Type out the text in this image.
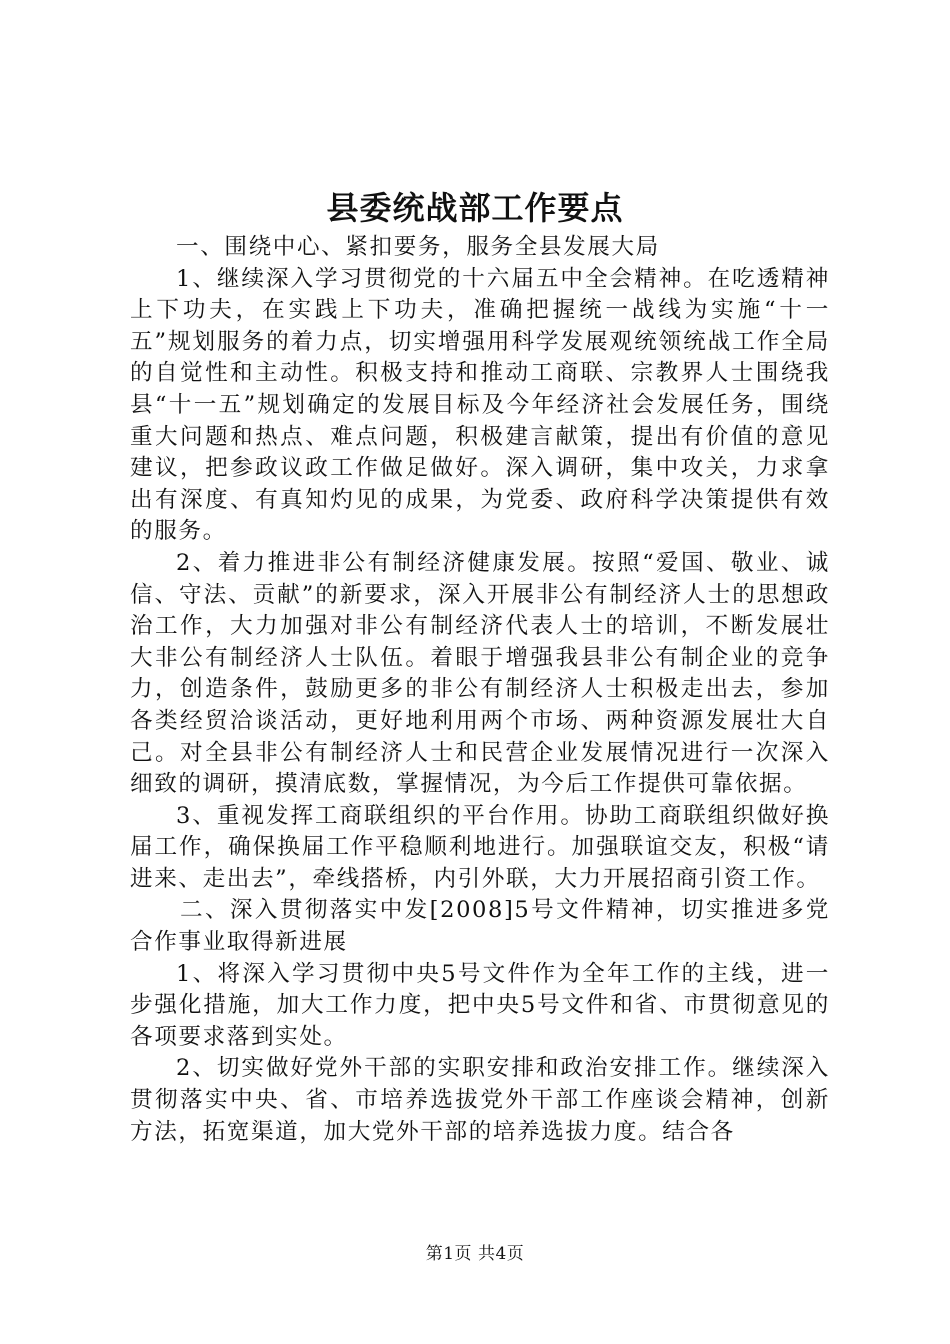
县委统战部工作要点

一、围绕中心、紧扣要务，服务全县发展大局

1、继续深入学习贯彻党的十六届五中全会精神。在吃透精神上下功夫，在实践上下功夫，准确把握统一战线为实施“十一五”规划服务的着力点，切实增强用科学发展观统领统战工作全局的自觉性和主动性。积极支持和推动工商联、宗教界人士围绕我县“十一五”规划确定的发展目标及今年经济社会发展任务，围绕重大问题和热点、难点问题，积极建言献策，提出有价值的意见建议，把参政议政工作做足做好。深入调研，集中攻关，力求拿出有深度、有真知灼见的成果，为党委、政府科学决策提供有效的服务。

2、着力推进非公有制经济健康发展。按照“爱国、敬业、诚信、守法、贡献”的新要求，深入开展非公有制经济人士的思想政治工作，大力加强对非公有制经济代表人士的培训，不断发展壮大非公有制经济人士队伍。着眼于增强我县非公有制企业的竞争力，创造条件，鼓励更多的非公有制经济人士积极走出去，参加各类经贸洽谈活动，更好地利用两个市场、两种资源发展壮大自己。对全县非公有制经济人士和民营企业发展情况进行一次深入细致的调研，摸清底数，掌握情况，为今后工作提供可靠依据。

3、重视发挥工商联组织的平台作用。协助工商联组织做好换届工作，确保换届工作平稳顺利地进行。加强联谊交友，积极“请进来、走出去”，牵线搭桥，内引外联，大力开展招商引资工作。

二、深入贯彻落实中发[2008]5号文件精神，切实推进多党合作事业取得新进展

1、将深入学习贯彻中央5号文件作为全年工作的主线，进一步强化措施，加大工作力度，把中央5号文件和省、市贯彻意见的各项要求落到实处。

2、切实做好党外干部的实职安排和政治安排工作。继续深入贯彻落实中央、省、市培养选拔党外干部工作座谈会精神，创新方法，拓宽渠道，加大党外干部的培养选拔力度。结合各

第1页 共4页
